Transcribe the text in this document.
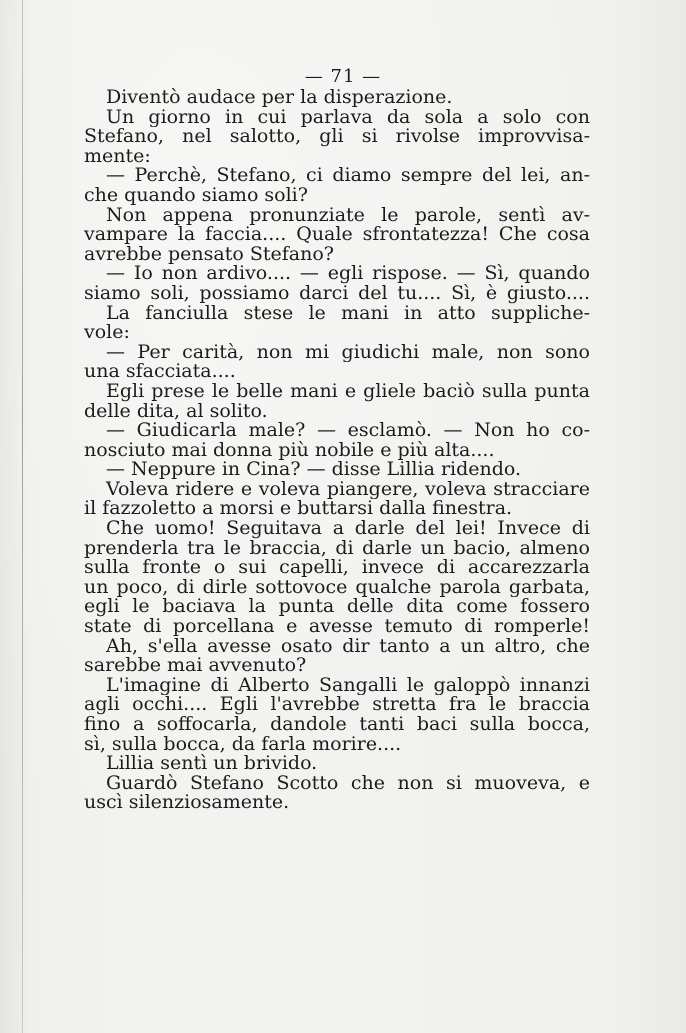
— 71 —
Diventò audace per la disperazione.
Un giorno in cui parlava da sola a solo con
Stefano, nel salotto, gli si rivolse improvvisa-
mente:
— Perchè, Stefano, ci diamo sempre del lei, an-
che quando siamo soli?
Non appena pronunziate le parole, sentì av-
vampare la faccia.... Quale sfrontatezza! Che cosa
avrebbe pensato Stefano?
— Io non ardivo.... — egli rispose. — Sì, quando
siamo soli, possiamo darci del tu.... Sì, è giusto....
La fanciulla stese le mani in atto suppliche-
vole:
— Per carità, non mi giudichi male, non sono
una sfacciata....
Egli prese le belle mani e gliele baciò sulla punta
delle dita, al solito.
— Giudicarla male? — esclamò. — Non ho co-
nosciuto mai donna più nobile e più alta....
— Neppure in Cina? — disse Lillia ridendo.
Voleva ridere e voleva piangere, voleva stracciare
il fazzoletto a morsi e buttarsi dalla finestra.
Che uomo! Seguitava a darle del lei! Invece di
prenderla tra le braccia, di darle un bacio, almeno
sulla fronte o sui capelli, invece di accarezzarla
un poco, di dirle sottovoce qualche parola garbata,
egli le baciava la punta delle dita come fossero
state di porcellana e avesse temuto di romperle!
Ah, s'ella avesse osato dir tanto a un altro, che
sarebbe mai avvenuto?
L'imagine di Alberto Sangalli le galoppò innanzi
agli occhi.... Egli l'avrebbe stretta fra le braccia
fino a soffocarla, dandole tanti baci sulla bocca,
sì, sulla bocca, da farla morire....
Lillia sentì un brivido.
Guardò Stefano Scotto che non si muoveva, e
uscì silenziosamente.
